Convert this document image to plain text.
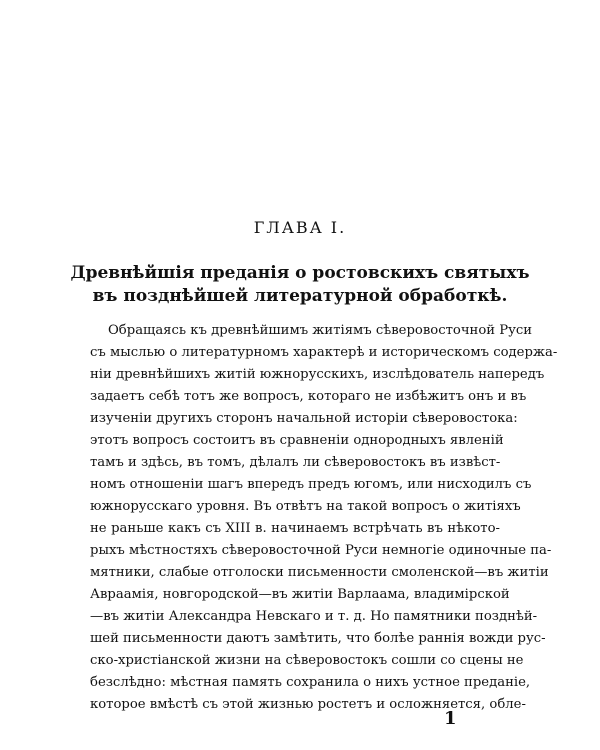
ГЛАВА I.
Древнѣйшія преданія о ростовскихъ святыхъ
въ позднѣйшей литературной обработкѣ.
Обращаясь къ древнѣйшимъ житіямъ сѣверовосточной Руси
съ мыслью о литературномъ характерѣ и историческомъ содержа-
ніи древнѣйшихъ житій южнорусскихъ, изслѣдователь напередъ
задаетъ себѣ тотъ же вопросъ, котораго не избѣжитъ онъ и въ
изученіи другихъ сторонъ начальной исторіи сѣверовостока:
этотъ вопросъ состоитъ въ сравненіи однородныхъ явленій
тамъ и здѣсь, въ томъ, дѣлалъ ли сѣверовостокъ въ извѣст-
номъ отношеніи шагъ впередъ предъ югомъ, или нисходилъ съ
южнорусскаго уровня. Въ отвѣтъ на такой вопросъ о житіяхъ
не раньше какъ съ XIII в. начинаемъ встрѣчать въ нѣкото-
рыхъ мѣстностяхъ сѣверовосточной Руси немногіе одиночные па-
мятники, слабые отголоски письменности смоленской—въ житіи
Авраамія, новгородской—въ житіи Варлаама, владимірской
—въ житіи Александра Невскаго и т. д. Но памятники позднѣй-
шей письменности даютъ замѣтить, что болѣе раннія вожди рус-
ско-христіанской жизни на сѣверовостокъ сошли со сцены не
безслѣдно: мѣстная память сохранила о нихъ устное преданіе,
которое вмѣстѣ съ этой жизнью ростетъ и осложняется, обле-
1
